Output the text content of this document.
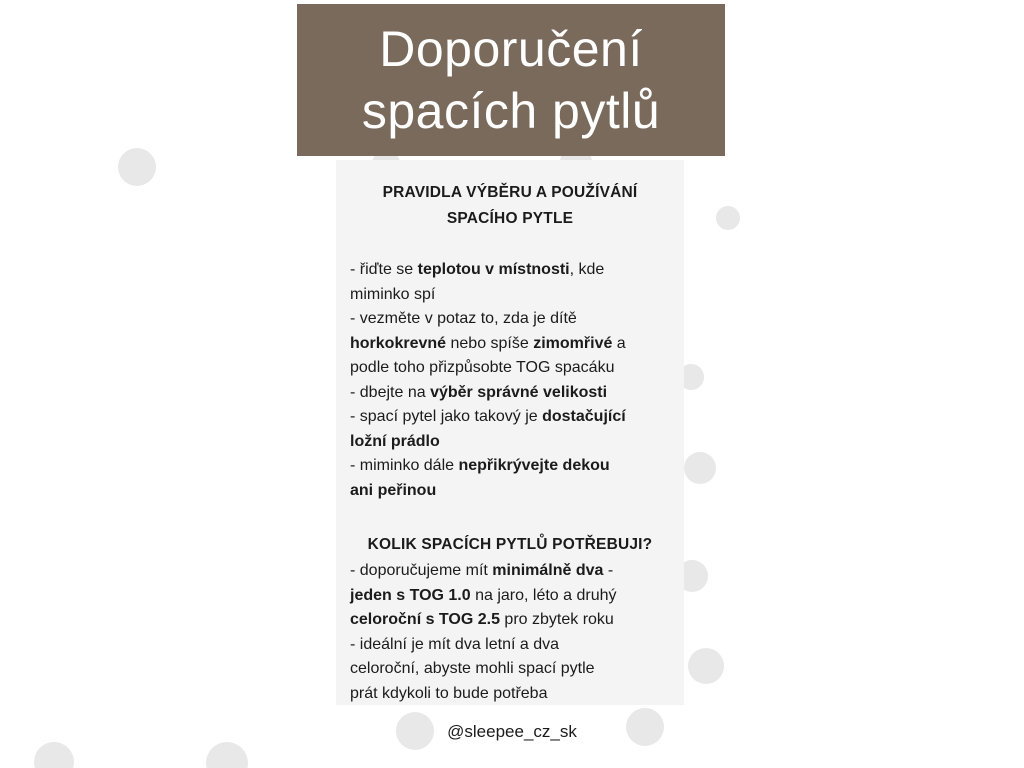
Doporučení
spacích pytlů
PRAVIDLA VÝBĚRU A POUŽÍVÁNÍ
SPACÍHO PYTLE
- řiďte se teplotou v místnosti, kde
miminko spí
- vezměte v potaz to, zda je dítě
horkokrevné nebo spíše zimomřivé a
podle toho přizpůsobte TOG spacáku
- dbejte na výběr správné velikosti
- spací pytel jako takový je dostačující
ložní prádlo
- miminko dále nepřikrývejte dekou
ani peřinou
KOLIK SPACÍCH PYTLŮ POTŘEBUJI?
- doporučujeme mít minimálně dva -
jeden s TOG 1.0 na jaro, léto a druhý
celoroční s TOG 2.5 pro zbytek roku
- ideální je mít dva letní a dva
celoroční, abyste mohli spací pytle
prát kdykoli to bude potřeba
@sleepee_cz_sk
